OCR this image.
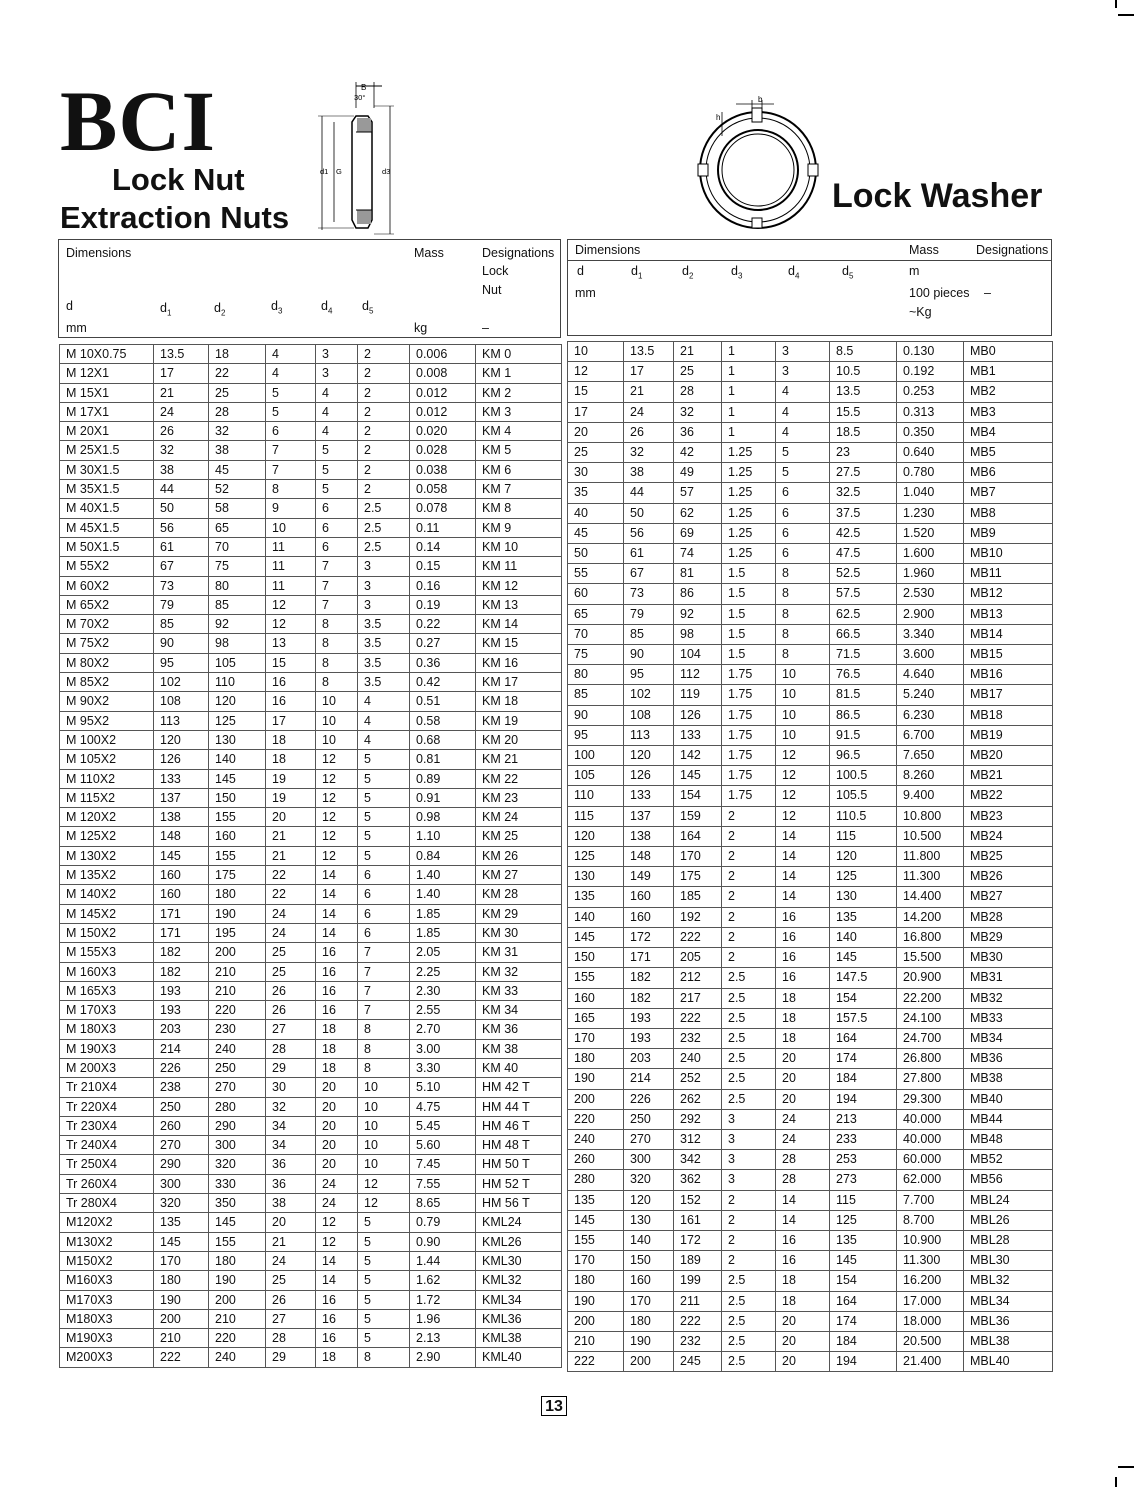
BCI
Lock Nut
Extraction Nuts
Lock Washer
B
30°
d1 G	d3
b
h
Dimensions	Mass	Designations
Lock
Nut
d	$d_1$	$d_2$	$d_3$	$d_4$ $d_5$
mm	kg	–
M 10X0.75	13.5	18	4	3	2	0.006	KM 0
M 12X1	17	22	4	3	2	0.008	KM 1
M 15X1	21	25	5	4	2	0.012	KM 2
M 17X1	24	28	5	4	2	0.012	KM 3
M 20X1	26	32	6	4	2	0.020	KM 4
M 25X1.5	32	38	7	5	2	0.028	KM 5
M 30X1.5	38	45	7	5	2	0.038	KM 6
M 35X1.5	44	52	8	5	2	0.058	KM 7
M 40X1.5	50	58	9	6	2.5	0.078	KM 8
M 45X1.5	56	65	10	6	2.5	0.11	KM 9
M 50X1.5	61	70	11	6	2.5	0.14	KM 10
M 55X2	67	75	11	7	3	0.15	KM 11
M 60X2	73	80	11	7	3	0.16	KM 12
M 65X2	79	85	12	7	3	0.19	KM 13
M 70X2	85	92	12	8	3.5	0.22	KM 14
M 75X2	90	98	13	8	3.5	0.27	KM 15
M 80X2	95	105	15	8	3.5	0.36	KM 16
M 85X2	102	110	16	8	3.5	0.42	KM 17
M 90X2	108	120	16	10	4	0.51	KM 18
M 95X2	113	125	17	10	4	0.58	KM 19
M 100X2	120	130	18	10	4	0.68	KM 20
M 105X2	126	140	18	12	5	0.81	KM 21
M 110X2	133	145	19	12	5	0.89	KM 22
M 115X2	137	150	19	12	5	0.91	KM 23
M 120X2	138	155	20	12	5	0.98	KM 24
M 125X2	148	160	21	12	5	1.10	KM 25
M 130X2	145	155	21	12	5	0.84	KM 26
M 135X2	160	175	22	14	6	1.40	KM 27
M 140X2	160	180	22	14	6	1.40	KM 28
M 145X2	171	190	24	14	6	1.85	KM 29
M 150X2	171	195	24	14	6	1.85	KM 30
M 155X3	182	200	25	16	7	2.05	KM 31
M 160X3	182	210	25	16	7	2.25	KM 32
M 165X3	193	210	26	16	7	2.30	KM 33
M 170X3	193	220	26	16	7	2.55	KM 34
M 180X3	203	230	27	18	8	2.70	KM 36
M 190X3	214	240	28	18	8	3.00	KM 38
M 200X3	226	250	29	18	8	3.30	KM 40
Tr 210X4	238	270	30	20	10	5.10	HM 42 T
Tr 220X4	250	280	32	20	10	4.75	HM 44 T
Tr 230X4	260	290	34	20	10	5.45	HM 46 T
Tr 240X4	270	300	34	20	10	5.60	HM 48 T
Tr 250X4	290	320	36	20	10	7.45	HM 50 T
Tr 260X4	300	330	36	24	12	7.55	HM 52 T
Tr 280X4	320	350	38	24	12	8.65	HM 56 T
M120X2	135	145	20	12	5	0.79	KML24
M130X2	145	155	21	12	5	0.90	KML26
M150X2	170	180	24	14	5	1.44	KML30
M160X3	180	190	25	14	5	1.62	KML32
M170X3	190	200	26	16	5	1.72	KML34
M180X3	200	210	27	16	5	1.96	KML36
M190X3	210	220	28	16	5	2.13	KML38
M200X3	222	240	29	18	8	2.90	KML40
Dimensions	Mass	Designations
d	$d_1$	$d_2$	$d_3$	$d_4$	$d_5$	m
mm	100 pieces –
~Kg
10	13.5	21	1	3	8.5	0.130	MB0
12	17	25	1	3	10.5	0.192	MB1
15	21	28	1	4	13.5	0.253	MB2
17	24	32	1	4	15.5	0.313	MB3
20	26	36	1	4	18.5	0.350	MB4
25	32	42	1.25	5	23	0.640	MB5
30	38	49	1.25	5	27.5	0.780	MB6
35	44	57	1.25	6	32.5	1.040	MB7
40	50	62	1.25	6	37.5	1.230	MB8
45	56	69	1.25	6	42.5	1.520	MB9
50	61	74	1.25	6	47.5	1.600	MB10
55	67	81	1.5	8	52.5	1.960	MB11
60	73	86	1.5	8	57.5	2.530	MB12
65	79	92	1.5	8	62.5	2.900	MB13
70	85	98	1.5	8	66.5	3.340	MB14
75	90	104	1.5	8	71.5	3.600	MB15
80	95	112	1.75	10	76.5	4.640	MB16
85	102	119	1.75	10	81.5	5.240	MB17
90	108	126	1.75	10	86.5	6.230	MB18
95	113	133	1.75	10	91.5	6.700	MB19
100	120	142	1.75	12	96.5	7.650	MB20
105	126	145	1.75	12	100.5	8.260	MB21
110	133	154	1.75	12	105.5	9.400	MB22
115	137	159	2	12	110.5	10.800	MB23
120	138	164	2	14	115	10.500	MB24
125	148	170	2	14	120	11.800	MB25
130	149	175	2	14	125	11.300	MB26
135	160	185	2	14	130	14.400	MB27
140	160	192	2	16	135	14.200	MB28
145	172	222	2	16	140	16.800	MB29
150	171	205	2	16	145	15.500	MB30
155	182	212	2.5	16	147.5	20.900	MB31
160	182	217	2.5	18	154	22.200	MB32
165	193	222	2.5	18	157.5	24.100	MB33
170	193	232	2.5	18	164	24.700	MB34
180	203	240	2.5	20	174	26.800	MB36
190	214	252	2.5	20	184	27.800	MB38
200	226	262	2.5	20	194	29.300	MB40
220	250	292	3	24	213	40.000	MB44
240	270	312	3	24	233	40.000	MB48
260	300	342	3	28	253	60.000	MB52
280	320	362	3	28	273	62.000	MB56
135	120	152	2	14	115	7.700	MBL24
145	130	161	2	14	125	8.700	MBL26
155	140	172	2	16	135	10.900	MBL28
170	150	189	2	16	145	11.300	MBL30
180	160	199	2.5	18	154	16.200	MBL32
190	170	211	2.5	18	164	17.000	MBL34
200	180	222	2.5	20	174	18.000	MBL36
210	190	232	2.5	20	184	20.500	MBL38
222	200	245	2.5	20	194	21.400	MBL40
13
